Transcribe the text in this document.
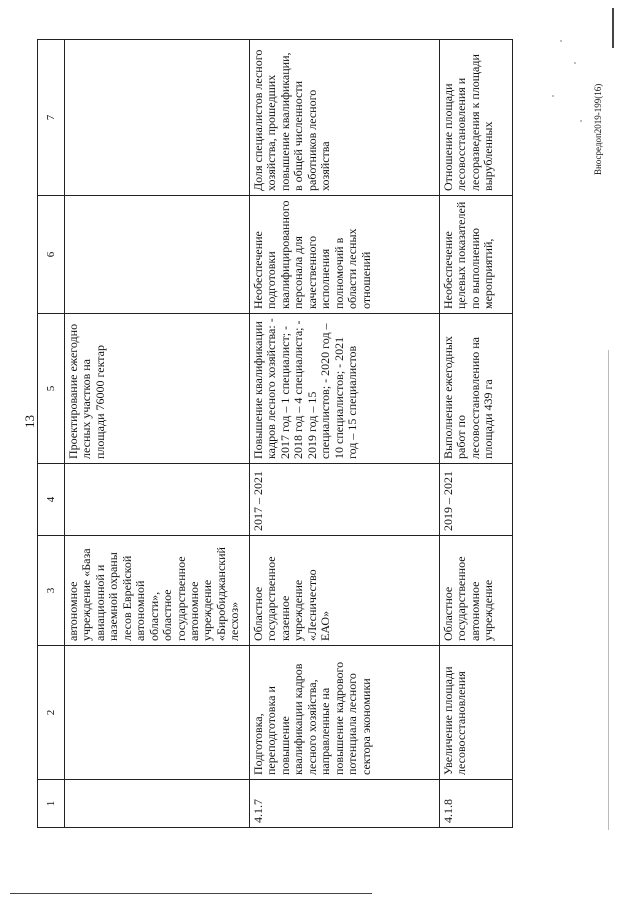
13
Вносредоп2019-199(16)
1	2	3	4	5	6	7
		автономное учреждение «База авиационной и наземной охраны лесов Еврейской автономной области», областное государственное автономное учреждение «Биробиджанский лесхоз»		Проектирование ежегодно лесных участков на площади 76000 гектар		
4.1.7	Подготовка, переподготовка и повышение квалификации кадров лесного хозяйства, направленные на повышение кадрового потенциала лесного сектора экономики	Областное государственное казенное учреждение «Лесничество ЕАО»	2017 – 2021	Повышение квалификации кадров лесного хозяйства: - 2017 год – 1 специалист; - 2018 год – 4 специалиста; - 2019 год – 15 специалистов; - 2020 год – 10 специалистов; - 2021 год – 15 специалистов	Необеспечение подготовки квалифицированного персонала для качественного исполнения полномочий в области лесных отношений	Доля специалистов лесного хозяйства, прошедших повышение квалификации, в общей численности работников лесного хозяйства
4.1.8	Увеличение площади лесовосстановления	Областное государственное автономное учреждение	2019 – 2021	Выполнение ежегодных работ по лесовосстановлению на площади 439 га	Необеспечение целевых показателей по выполнению мероприятий,	Отношение площади лесовосстановления и лесоразведения к площади вырубленных
